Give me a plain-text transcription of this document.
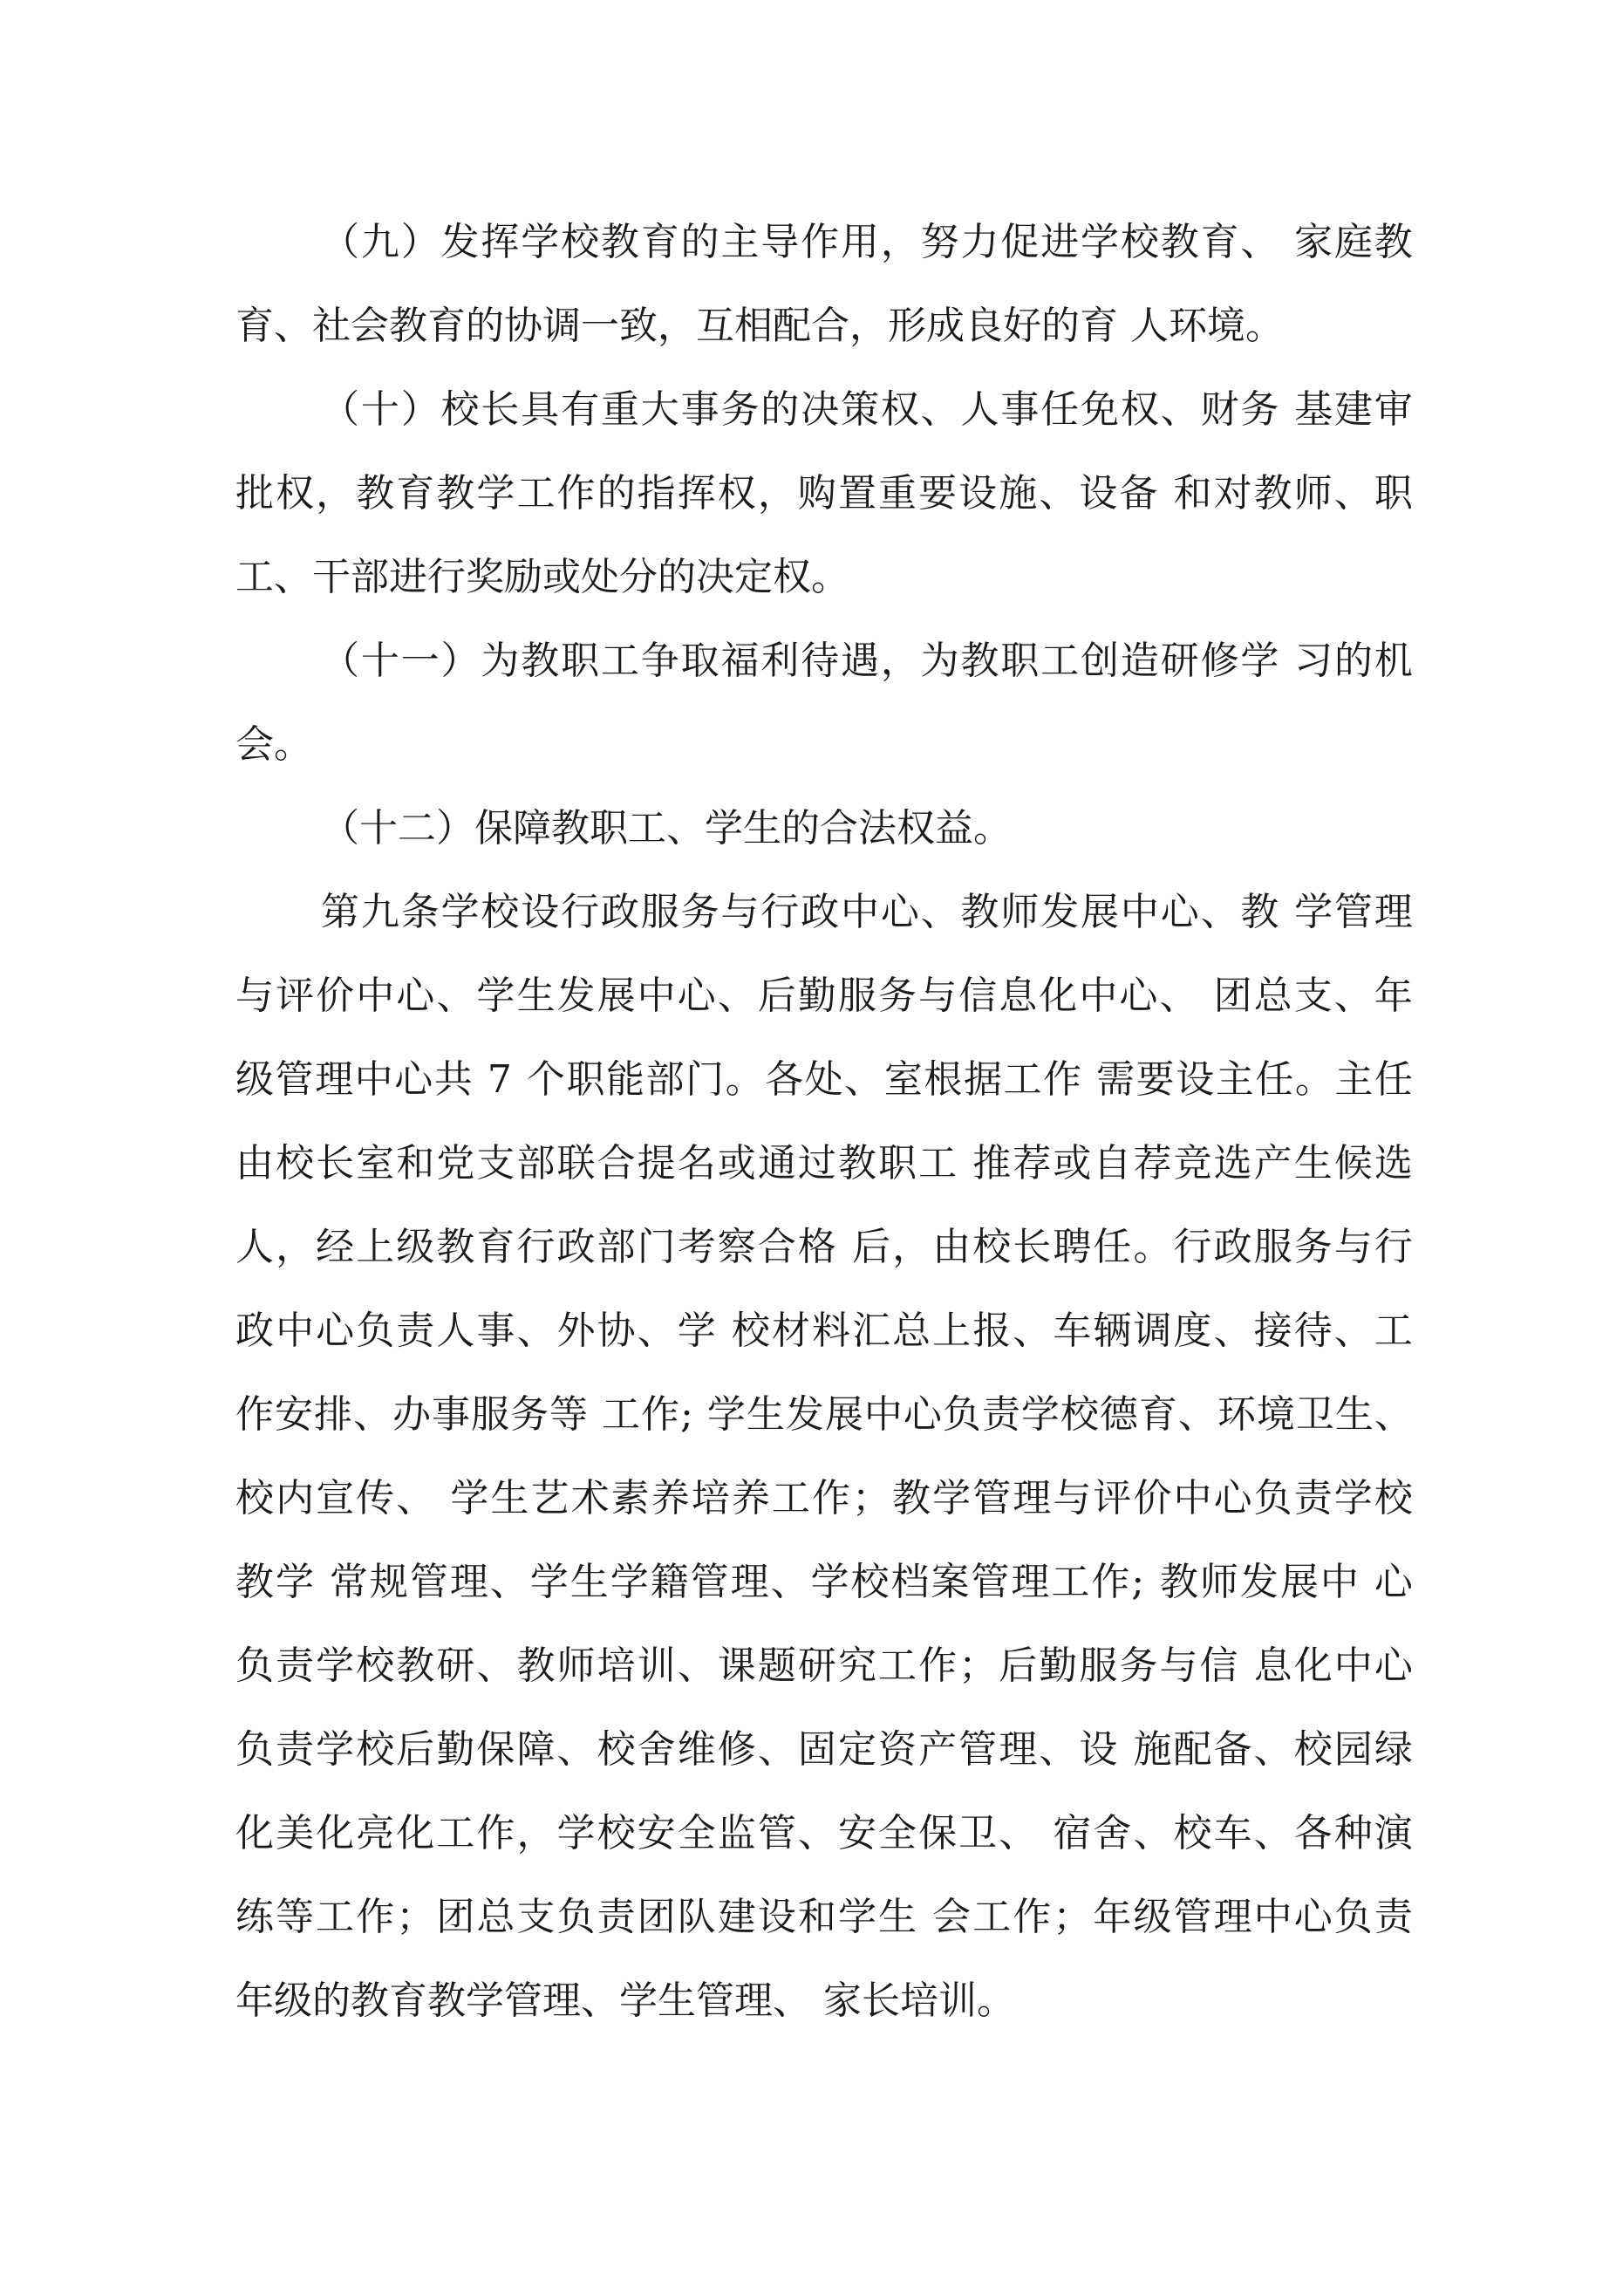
（ 九 ） 发 挥 学 校 教 育 的 主 导 作 用 ， 努 力 促 进 学 校 教 育 、
家 庭 教
育、社会教育的协调一致，互相配合，形成良好的育 人环境。
（ 十 ） 校 长 具 有 重 大 事 务 的 决 策 权 、 人 事 任 免 权 、 财 务
基 建 审
批 权 ， 教 育 教 学 工 作 的 指 挥 权 ， 购 置 重 要 设 施 、 设 备
和 对 教 师 、 职
工、干部进行奖励或处分的决定权。
（ 十 一 ） 为 教 职 工 争 取 福 利 待 遇 ， 为 教 职 工 创 造 研 修 学
习 的 机
会。
（十二）保障教职工、学生的合法权益。
第 九 条 学 校 设 行 政 服 务 与 行 政 中 心 、 教 师 发 展 中 心 、 教
学 管 理
与 评 价 中 心 、 学 生 发 展 中 心 、 后 勤 服 务 与 信 息 化 中 心 、
团 总 支 、 年
级 管 理 中 心 共
7
个 职 能 部 门 。 各 处 、 室 根 据 工 作
需 要 设 主 任 。 主 任
由 校 长 室 和 党 支 部 联 合 提 名 或 通 过 教 职 工
推 荐 或 自 荐 竞 选 产 生 候 选
人 ， 经 上 级 教 育 行 政 部 门 考 察 合 格
后 ， 由 校 长 聘 任 。 行 政 服 务 与 行
政 中 心 负 责 人 事 、 外 协 、 学
校 材 料 汇 总 上 报 、 车 辆 调 度 、 接 待 、 工
作 安 排 、 办 事 服 务 等
工 作 ;
学 生 发 展 中 心 负 责 学 校 德 育 、 环 境 卫 生 、
校 内 宣 传 、
学 生 艺 术 素 养 培 养 工 作 ； 教 学 管 理 与 评 价 中 心 负 责 学 校
教 学
常 规 管 理 、 学 生 学 籍 管 理 、 学 校 档 案 管 理 工 作 ;
教 师 发 展 中
心
负 责 学 校 教 研 、 教 师 培 训 、 课 题 研 究 工 作 ； 后 勤 服 务 与 信
息 化 中 心
负 责 学 校 后 勤 保 障 、 校 舍 维 修 、 固 定 资 产 管 理 、 设
施 配 备 、 校 园 绿
化 美 化 亮 化 工 作 ， 学 校 安 全 监 管 、 安 全 保 卫 、
宿 舍 、 校 车 、 各 种 演
练 等 工 作 ； 团 总 支 负 责 团 队 建 设 和 学 生
会 工 作 ； 年 级 管 理 中 心 负 责
年级的教育教学管理、学生管理、 家长培训。
